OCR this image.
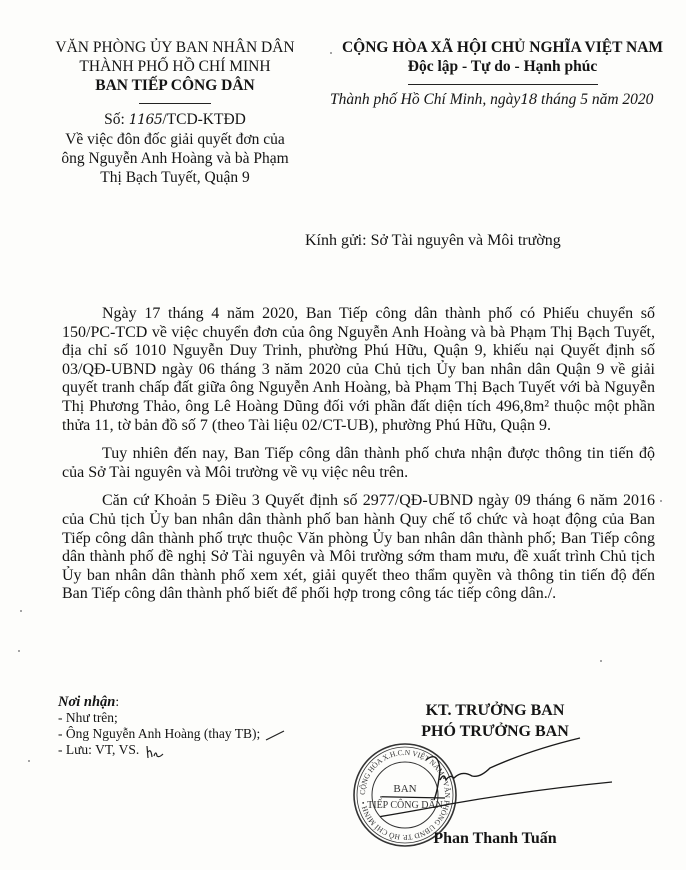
VĂN PHÒNG ỦY BAN NHÂN DÂN
THÀNH PHỐ HỒ CHÍ MINH
BAN TIẾP CÔNG DÂN
Số: 1165/TCD-KTĐD
Về việc đôn đốc giải quyết đơn của
ông Nguyễn Anh Hoàng và bà Phạm
Thị Bạch Tuyết, Quận 9
CỘNG HÒA XÃ HỘI CHỦ NGHĨA VIỆT NAM
Độc lập - Tự do - Hạnh phúc
Thành phố Hồ Chí Minh, ngày18 tháng 5 năm 2020
Kính gửi: Sở Tài nguyên và Môi trường

Ngày 17 tháng 4 năm 2020, Ban Tiếp công dân thành phố có Phiếu chuyển số 150/PC-TCD về việc chuyển đơn của ông Nguyễn Anh Hoàng và bà Phạm Thị Bạch Tuyết, địa chỉ số 1010 Nguyễn Duy Trinh, phường Phú Hữu, Quận 9, khiếu nại Quyết định số 03/QĐ-UBND ngày 06 tháng 3 năm 2020 của Chủ tịch Ủy ban nhân dân Quận 9 về giải quyết tranh chấp đất giữa ông Nguyễn Anh Hoàng, bà Phạm Thị Bạch Tuyết với bà Nguyễn Thị Phương Thảo, ông Lê Hoàng Dũng đối với phần đất diện tích 496,8m² thuộc một phần thửa 11, tờ bản đồ số 7 (theo Tài liệu 02/CT-UB), phường Phú Hữu, Quận 9.

Tuy nhiên đến nay, Ban Tiếp công dân thành phố chưa nhận được thông tin tiến độ của Sở Tài nguyên và Môi trường về vụ việc nêu trên.

Căn cứ Khoản 5 Điều 3 Quyết định số 2977/QĐ-UBND ngày 09 tháng 6 năm 2016 của Chủ tịch Ủy ban nhân dân thành phố ban hành Quy chế tổ chức và hoạt động của Ban Tiếp công dân thành phố trực thuộc Văn phòng Ủy ban nhân dân thành phố; Ban Tiếp công dân thành phố đề nghị Sở Tài nguyên và Môi trường sớm tham mưu, đề xuất trình Chủ tịch Ủy ban nhân dân thành phố xem xét, giải quyết theo thẩm quyền và thông tin tiến độ đến Ban Tiếp công dân thành phố biết để phối hợp trong công tác tiếp công dân./.

Nơi nhận:
- Như trên;
- Ông Nguyễn Anh Hoàng (thay TB);
- Lưu: VT, VS.
CỘNG HÒA X.H.C.N VIỆT NAM • VĂN PHÒNG UBND TP. HỒ CHÍ MINH •
BAN
TIẾP CÔNG DÂN
KT. TRƯỞNG BAN
PHÓ TRƯỞNG BAN
Phan Thanh Tuấn
